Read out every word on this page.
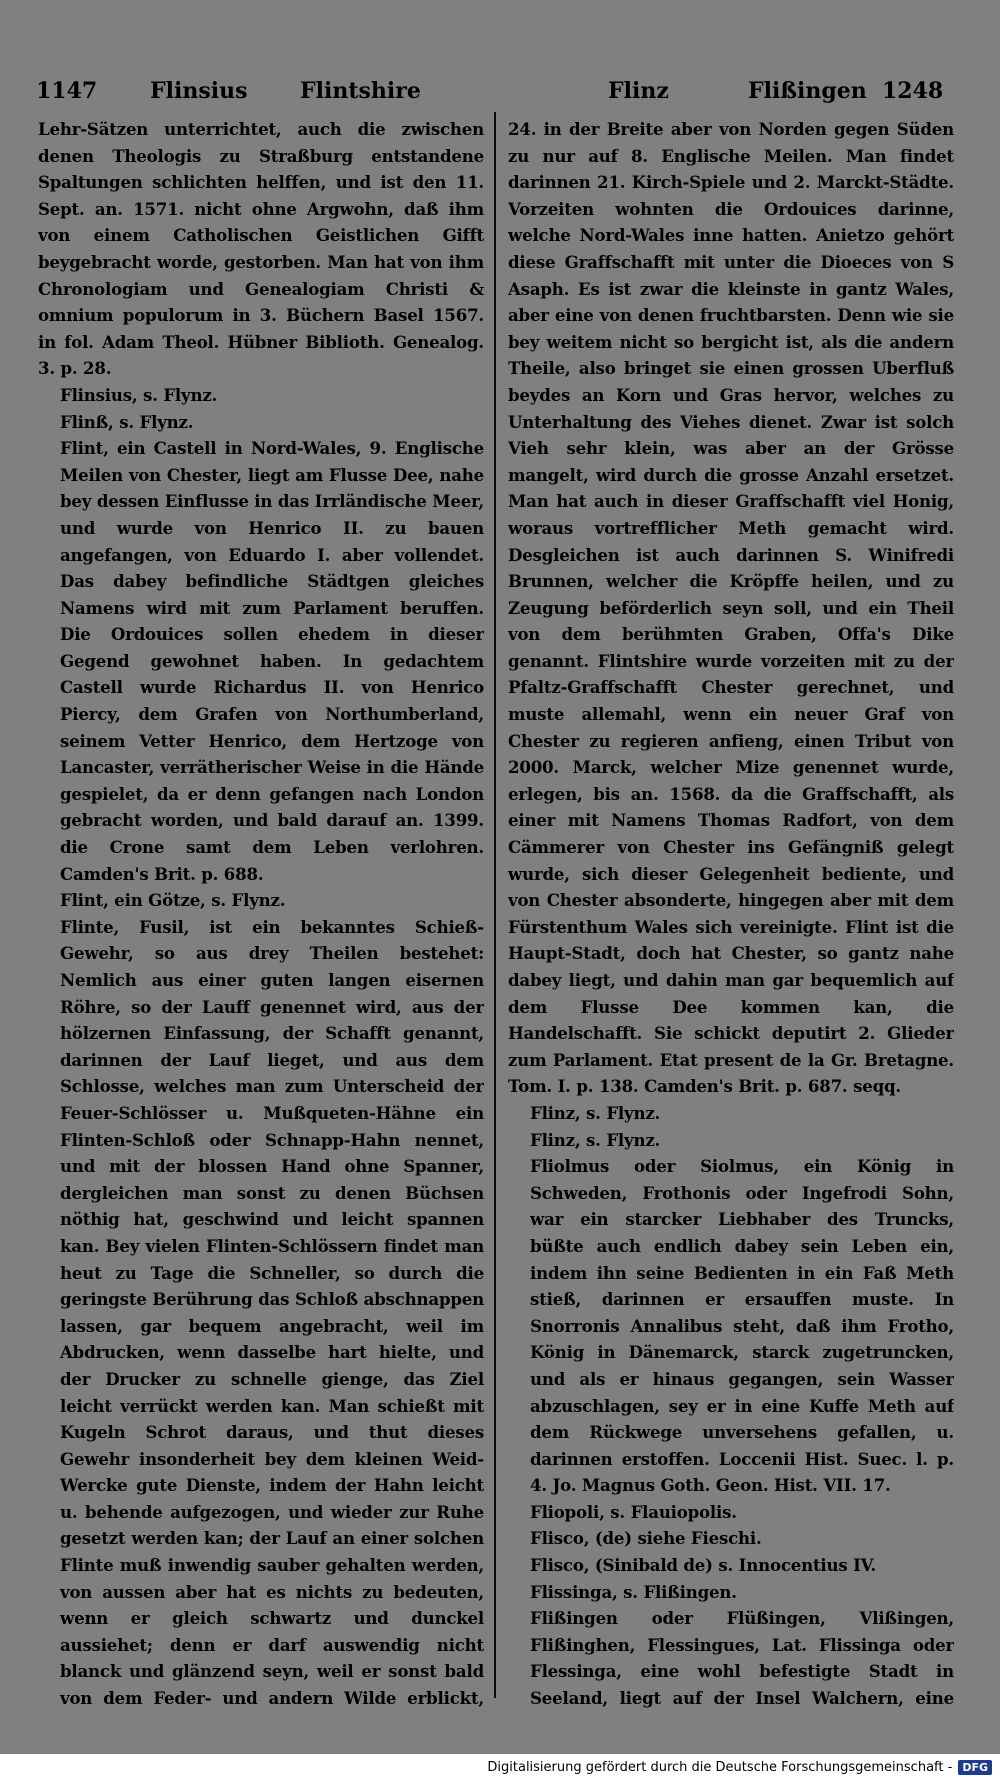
1147 Flinsius Flintshire	Flinz	Flißingen 1248

Lehr-Sätzen unterrichtet, auch die zwischen denen Theologis zu Straßburg entstandene Spaltungen schlichten helffen, und ist den 11. Sept. an. 1571. nicht ohne Argwohn, daß ihm von einem Catholischen Geistlichen Gifft beygebracht worde, gestorben. Man hat von ihm Chronologiam und Genealogiam Christi & omnium populorum in 3. Büchern Basel 1567. in fol. Adam Theol. Hübner Biblioth. Genealog. 3. p. 28.

Flinsius, s. Flynz.

Flinß, s. Flynz.

Flint, ein Castell in Nord-Wales, 9. Englische Meilen von Chester, liegt am Flusse Dee, nahe bey dessen Einflusse in das Irrländische Meer, und wurde von Henrico II. zu bauen angefangen, von Eduardo I. aber vollendet. Das dabey befindliche Städtgen gleiches Namens wird mit zum Parlament beruffen. Die Ordouices sollen ehedem in dieser Gegend gewohnet haben. In gedachtem Castell wurde Richardus II. von Henrico Piercy, dem Grafen von Northumberland, seinem Vetter Henrico, dem Hertzoge von Lancaster, verrätherischer Weise in die Hände gespielet, da er denn gefangen nach London gebracht worden, und bald darauf an. 1399. die Crone samt dem Leben verlohren. Camden's Brit. p. 688.

Flint, ein Götze, s. Flynz.

Flinte, Fusil, ist ein bekanntes Schieß-Gewehr, so aus drey Theilen bestehet: Nemlich aus einer guten langen eisernen Röhre, so der Lauff genennet wird, aus der hölzernen Einfassung, der Schafft genannt, darinnen der Lauf lieget, und aus dem Schlosse, welches man zum Unterscheid der Feuer-Schlösser u. Mußqueten-Hähne ein Flinten-Schloß oder Schnapp-Hahn nennet, und mit der blossen Hand ohne Spanner, dergleichen man sonst zu denen Büchsen nöthig hat, geschwind und leicht spannen kan. Bey vielen Flinten-Schlössern findet man heut zu Tage die Schneller, so durch die geringste Berührung das Schloß abschnappen lassen, gar bequem angebracht, weil im Abdrucken, wenn dasselbe hart hielte, und der Drucker zu schnelle gienge, das Ziel leicht verrückt werden kan. Man schießt mit Kugeln Schrot daraus, und thut dieses Gewehr insonderheit bey dem kleinen Weid-Wercke gute Dienste, indem der Hahn leicht u. behende aufgezogen, und wieder zur Ruhe gesetzt werden kan; der Lauf an einer solchen Flinte muß inwendig sauber gehalten werden, von aussen aber hat es nichts zu bedeuten, wenn er gleich schwartz und dunckel aussiehet; denn er darf auswendig nicht blanck und glänzend seyn, weil er sonst bald von dem Feder- und andern Wilde erblickt,

24. in der Breite aber von Norden gegen Süden zu nur auf 8. Englische Meilen. Man findet darinnen 21. Kirch-Spiele und 2. Marckt-Städte. Vorzeiten wohnten die Ordouices darinne, welche Nord-Wales inne hatten. Anietzo gehört diese Graffschafft mit unter die Dioeces von S Asaph. Es ist zwar die kleinste in gantz Wales, aber eine von denen fruchtbarsten. Denn wie sie bey weitem nicht so bergicht ist, als die andern Theile, also bringet sie einen grossen Uberfluß beydes an Korn und Gras hervor, welches zu Unterhaltung des Viehes dienet. Zwar ist solch Vieh sehr klein, was aber an der Grösse mangelt, wird durch die grosse Anzahl ersetzet. Man hat auch in dieser Graffschafft viel Honig, woraus vortrefflicher Meth gemacht wird. Desgleichen ist auch darinnen S. Winifredi Brunnen, welcher die Kröpffe heilen, und zu Zeugung beförderlich seyn soll, und ein Theil von dem berühmten Graben, Offa's Dike genannt. Flintshire wurde vorzeiten mit zu der Pfaltz-Graffschafft Chester gerechnet, und muste allemahl, wenn ein neuer Graf von Chester zu regieren anfieng, einen Tribut von 2000. Marck, welcher Mize genennet wurde, erlegen, bis an. 1568. da die Graffschafft, als einer mit Namens Thomas Radfort, von dem Cämmerer von Chester ins Gefängniß gelegt wurde, sich dieser Gelegenheit bediente, und von Chester absonderte, hingegen aber mit dem Fürstenthum Wales sich vereinigte. Flint ist die Haupt-Stadt, doch hat Chester, so gantz nahe dabey liegt, und dahin man gar bequemlich auf dem Flusse Dee kommen kan, die Handelschafft. Sie schickt deputirt 2. Glieder zum Parlament. Etat present de la Gr. Bretagne. Tom. I. p. 138. Camden's Brit. p. 687. seqq.

Flinz, s. Flynz.

Flinz, s. Flynz.

Fliolmus oder Siolmus, ein König in Schweden, Frothonis oder Ingefrodi Sohn, war ein starcker Liebhaber des Truncks, büßte auch endlich dabey sein Leben ein, indem ihn seine Bedienten in ein Faß Meth stieß, darinnen er ersauffen muste. In Snorronis Annalibus steht, daß ihm Frotho, König in Dänemarck, starck zugetruncken, und als er hinaus gegangen, sein Wasser abzuschlagen, sey er in eine Kuffe Meth auf dem Rückwege unversehens gefallen, u. darinnen erstoffen. Loccenii Hist. Suec. l. p. 4. Jo. Magnus Goth. Geon. Hist. VII. 17.

Fliopoli, s. Flauiopolis.

Flisco, (de) siehe Fieschi.

Flisco, (Sinibald de) s. Innocentius IV.

Flissinga, s. Flißingen.

Flißingen oder Flüßingen, Vlißingen, Flißinghen, Flessingues, Lat. Flissinga oder Flessinga, eine wohl befestigte Stadt in Seeland, liegt auf der Insel Walchern, eine

Digitalisierung gefördert durch die Deutsche Forschungsgemeinschaft - DFG
